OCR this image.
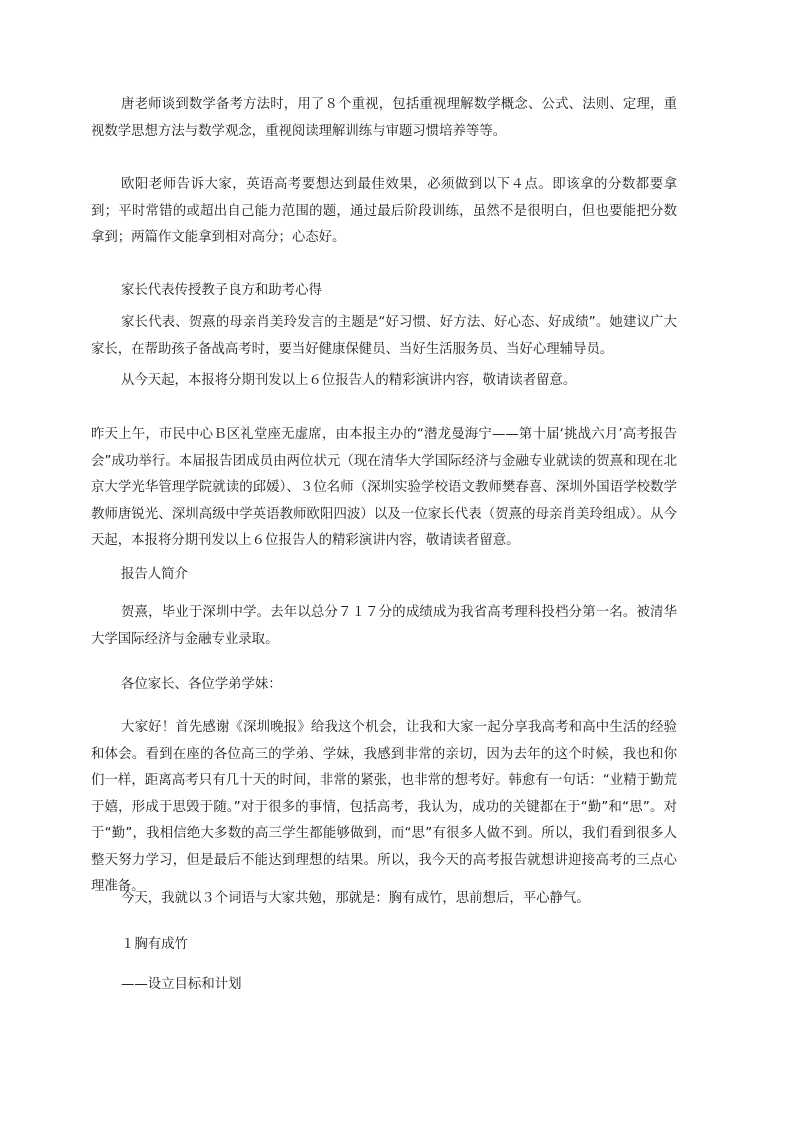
唐老师谈到数学备考方法时，用了８个重视，包括重视理解数学概念、公式、法则、定理，重视数学思想方法与数学观念，重视阅读理解训练与审题习惯培养等等。

欧阳老师告诉大家，英语高考要想达到最佳效果，必须做到以下４点。即该拿的分数都要拿到；平时常错的或超出自己能力范围的题，通过最后阶段训练，虽然不是很明白，但也要能把分数拿到；两篇作文能拿到相对高分；心态好。

家长代表传授教子良方和助考心得

家长代表、贺熹的母亲肖美玲发言的主题是“好习惯、好方法、好心态、好成绩”。她建议广大家长，在帮助孩子备战高考时，要当好健康保健员、当好生活服务员、当好心理辅导员。

从今天起，本报将分期刊发以上６位报告人的精彩演讲内容，敬请读者留意。

昨天上午，市民中心Ｂ区礼堂座无虚席，由本报主办的“潜龙曼海宁——第十届‘挑战六月’高考报告会”成功举行。本届报告团成员由两位状元（现在清华大学国际经济与金融专业就读的贺熹和现在北京大学光华管理学院就读的邱媛）、３位名师（深圳实验学校语文教师樊春喜、深圳外国语学校数学教师唐锐光、深圳高级中学英语教师欧阳四波）以及一位家长代表（贺熹的母亲肖美玲组成）。从今天起，本报将分期刊发以上６位报告人的精彩演讲内容，敬请读者留意。

报告人简介

贺熹，毕业于深圳中学。去年以总分７１７分的成绩成为我省高考理科投档分第一名。被清华大学国际经济与金融专业录取。

各位家长、各位学弟学妹：

大家好！首先感谢《深圳晚报》给我这个机会，让我和大家一起分享我高考和高中生活的经验和体会。看到在座的各位高三的学弟、学妹，我感到非常的亲切，因为去年的这个时候，我也和你们一样，距离高考只有几十天的时间，非常的紧张，也非常的想考好。韩愈有一句话：“业精于勤荒于嬉，形成于思毁于随。”对于很多的事情，包括高考，我认为，成功的关键都在于“勤”和“思”。对于“勤”，我相信绝大多数的高三学生都能够做到，而“思”有很多人做不到。所以，我们看到很多人整天努力学习，但是最后不能达到理想的结果。所以，我今天的高考报告就想讲迎接高考的三点心理准备。

今天，我就以３个词语与大家共勉，那就是：胸有成竹，思前想后，平心静气。

１胸有成竹

——设立目标和计划
